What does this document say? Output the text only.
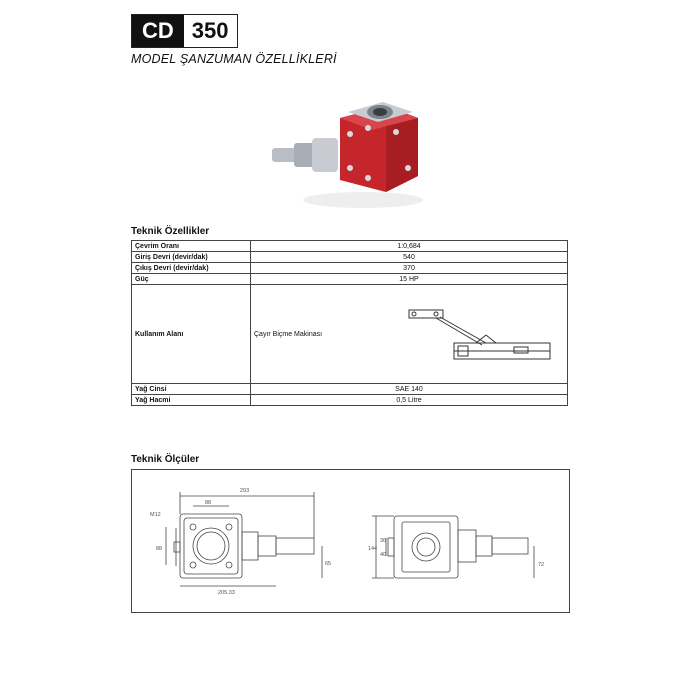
CD 350
MODEL ŞANZUMAN ÖZELLİKLERİ
Teknik Özellikler
Çevrim Oranı	1:0,684
Giriş Devri (devir/dak)	540
Çıkış Devri (devir/dak)	370
Güç	15 HP
Kullanım Alanı	Çayır Biçme Makinası

Yağ Cinsi	SAE 140
Yağ Hacmi	0,5 Litre
Teknik Ölçüler
293
88
M12
88
205.33
65
144
36
40
72
